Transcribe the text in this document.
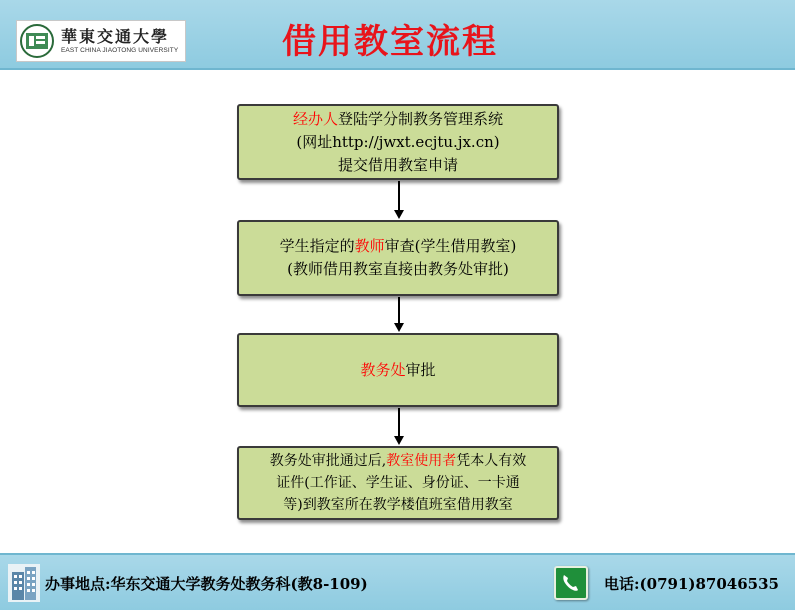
華東交通大學
EAST CHINA JIAOTONG UNIVERSITY	借用教室流程
经办人登陆学分制教务管理系统
(网址http://jwxt.ecjtu.jx.cn)
提交借用教室申请
学生指定的教师审查(学生借用教室)
(教师借用教室直接由教务处审批)
教务处审批
教务处审批通过后,教室使用者凭本人有效
证件(工作证、学生证、身份证、一卡通
等)到教室所在教学楼值班室借用教室
办事地点:华东交通大学教务处教务科(教8-109)	电话:(0791)87046535
